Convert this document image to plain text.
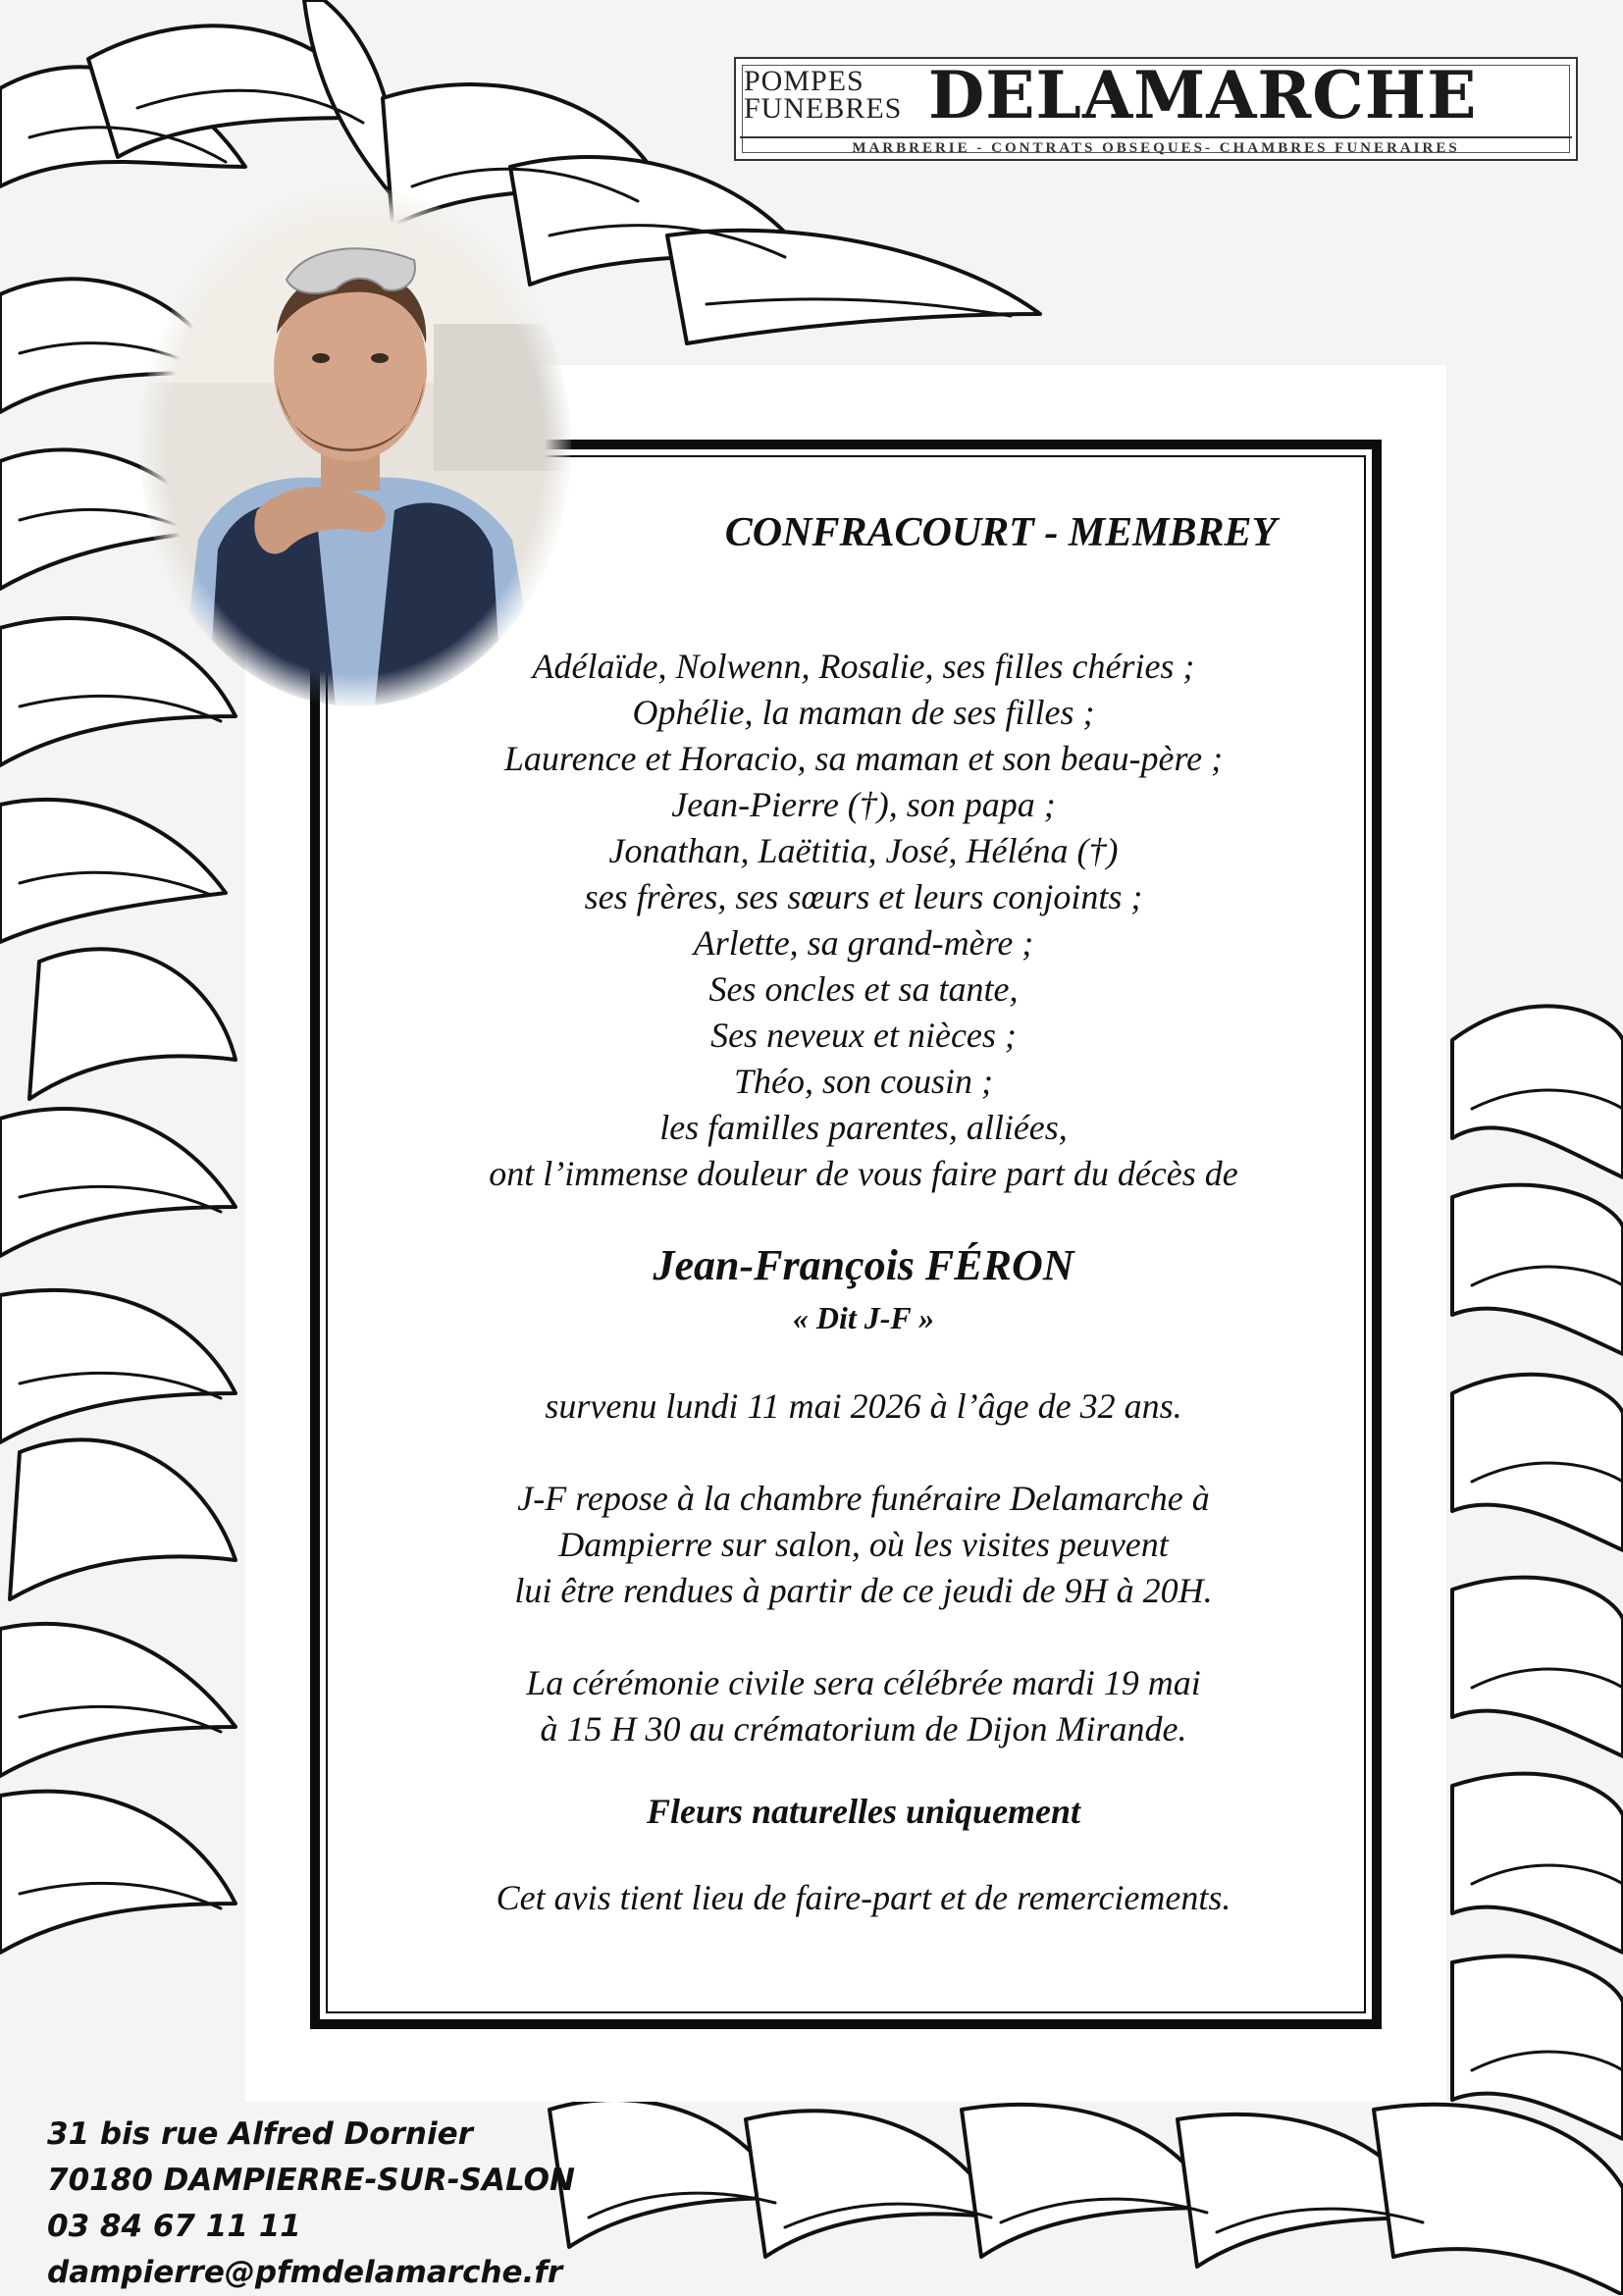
POMPES
FUNEBRES DELAMARCHE
MARBRERIE - CONTRATS OBSEQUES- CHAMBRES FUNERAIRES
CONFRACOURT - MEMBREY
Adélaïde, Nolwenn, Rosalie, ses filles chéries ;
Ophélie, la maman de ses filles ;
Laurence et Horacio, sa maman et son beau-père ;
Jean-Pierre (†), son papa ;
Jonathan, Laëtitia, José, Héléna (†)
ses frères, ses sœurs et leurs conjoints ;
Arlette, sa grand-mère ;
Ses oncles et sa tante,
Ses neveux et nièces ;
Théo, son cousin ;
les familles parentes, alliées,
ont l’immense douleur de vous faire part du décès de
Jean-François FÉRON
« Dit J-F »
survenu lundi 11 mai 2026 à l’âge de 32 ans.
J-F repose à la chambre funéraire Delamarche à
Dampierre sur salon, où les visites peuvent
lui être rendues à partir de ce jeudi de 9H à 20H.
La cérémonie civile sera célébrée mardi 19 mai
à 15 H 30 au crématorium de Dijon Mirande.
Fleurs naturelles uniquement
Cet avis tient lieu de faire-part et de remerciements.
31 bis rue Alfred Dornier
70180 DAMPIERRE-SUR-SALON
03 84 67 11 11
dampierre@pfmdelamarche.fr
